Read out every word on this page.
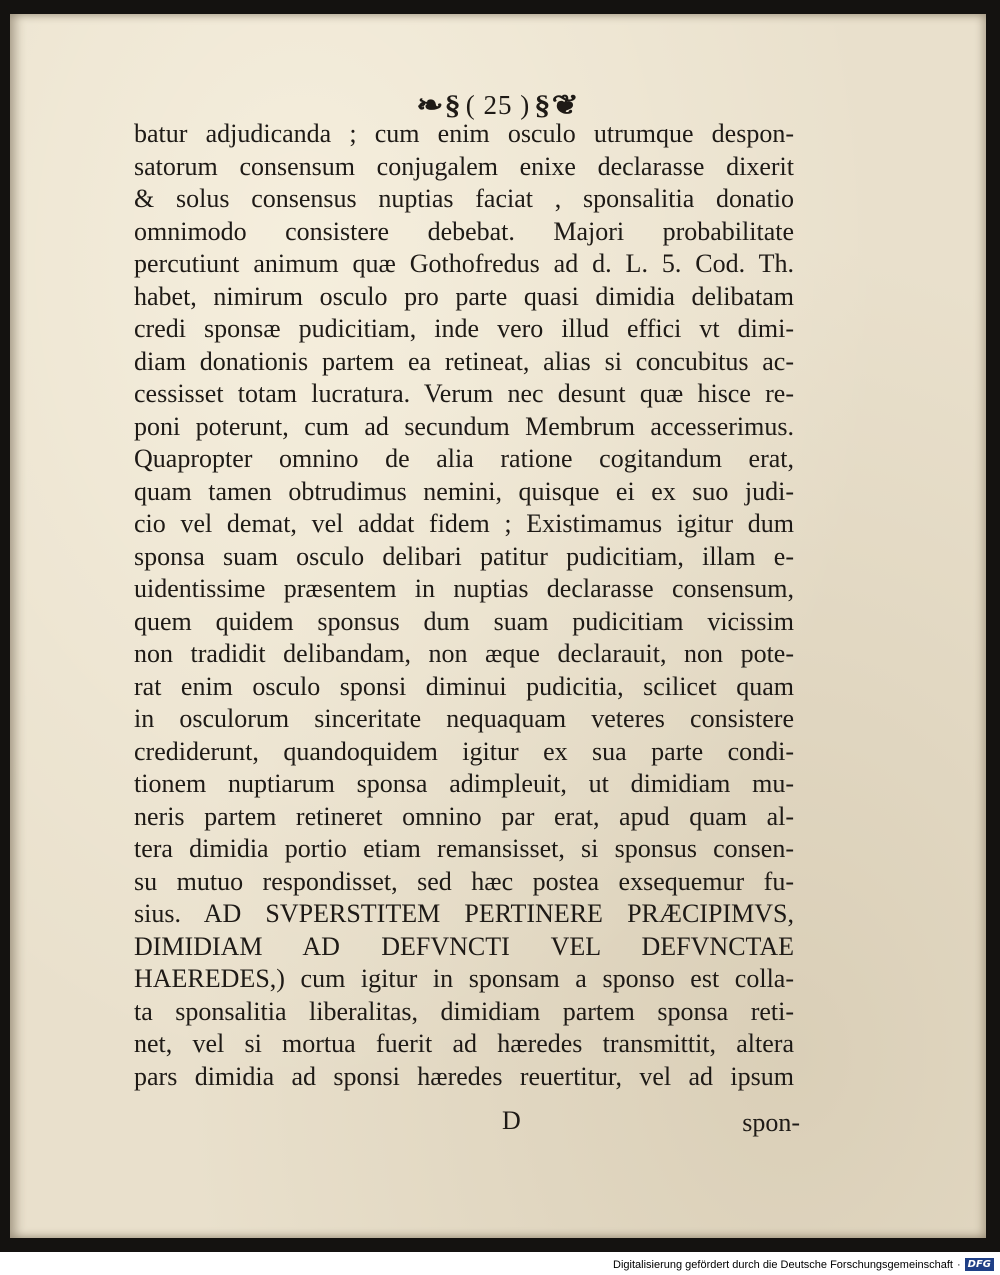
❧§ ( 25 ) §❦
batur adjudicanda ; cum enim osculo utrumque despon-
satorum consensum conjugalem enixe declarasse dixerit
& solus consensus nuptias faciat , sponsalitia donatio
omnimodo consistere debebat. Majori probabilitate
percutiunt animum quæ Gothofredus ad d. L. 5. Cod. Th.
habet, nimirum osculo pro parte quasi dimidia delibatam
credi sponsæ pudicitiam, inde vero illud effici vt dimi-
diam donationis partem ea retineat, alias si concubitus ac-
cessisset totam lucratura. Verum nec desunt quæ hisce re-
poni poterunt, cum ad secundum Membrum accesserimus.
Quapropter omnino de alia ratione cogitandum erat,
quam tamen obtrudimus nemini, quisque ei ex suo judi-
cio vel demat, vel addat fidem ; Existimamus igitur dum
sponsa suam osculo delibari patitur pudicitiam, illam e-
uidentissime præsentem in nuptias declarasse consensum,
quem quidem sponsus dum suam pudicitiam vicissim
non tradidit delibandam, non æque declarauit, non pote-
rat enim osculo sponsi diminui pudicitia, scilicet quam
in osculorum sinceritate nequaquam veteres consistere
crediderunt, quandoquidem igitur ex sua parte condi-
tionem nuptiarum sponsa adimpleuit, ut dimidiam mu-
neris partem retineret omnino par erat, apud quam al-
tera dimidia portio etiam remansisset, si sponsus consen-
su mutuo respondisset, sed hæc postea exsequemur fu-
sius. AD SVPERSTITEM PERTINERE PRÆCIPIMVS,
DIMIDIAM AD DEFVNCTI VEL DEFVNCTAE
HAEREDES,) cum igitur in sponsam a sponso est colla-
ta sponsalitia liberalitas, dimidiam partem sponsa reti-
net, vel si mortua fuerit ad hæredes transmittit, altera
pars dimidia ad sponsi hæredes reuertitur, vel ad ipsum
D	spon-
Digitalisierung gefördert durch die Deutsche Forschungsgemeinschaft · DFG
